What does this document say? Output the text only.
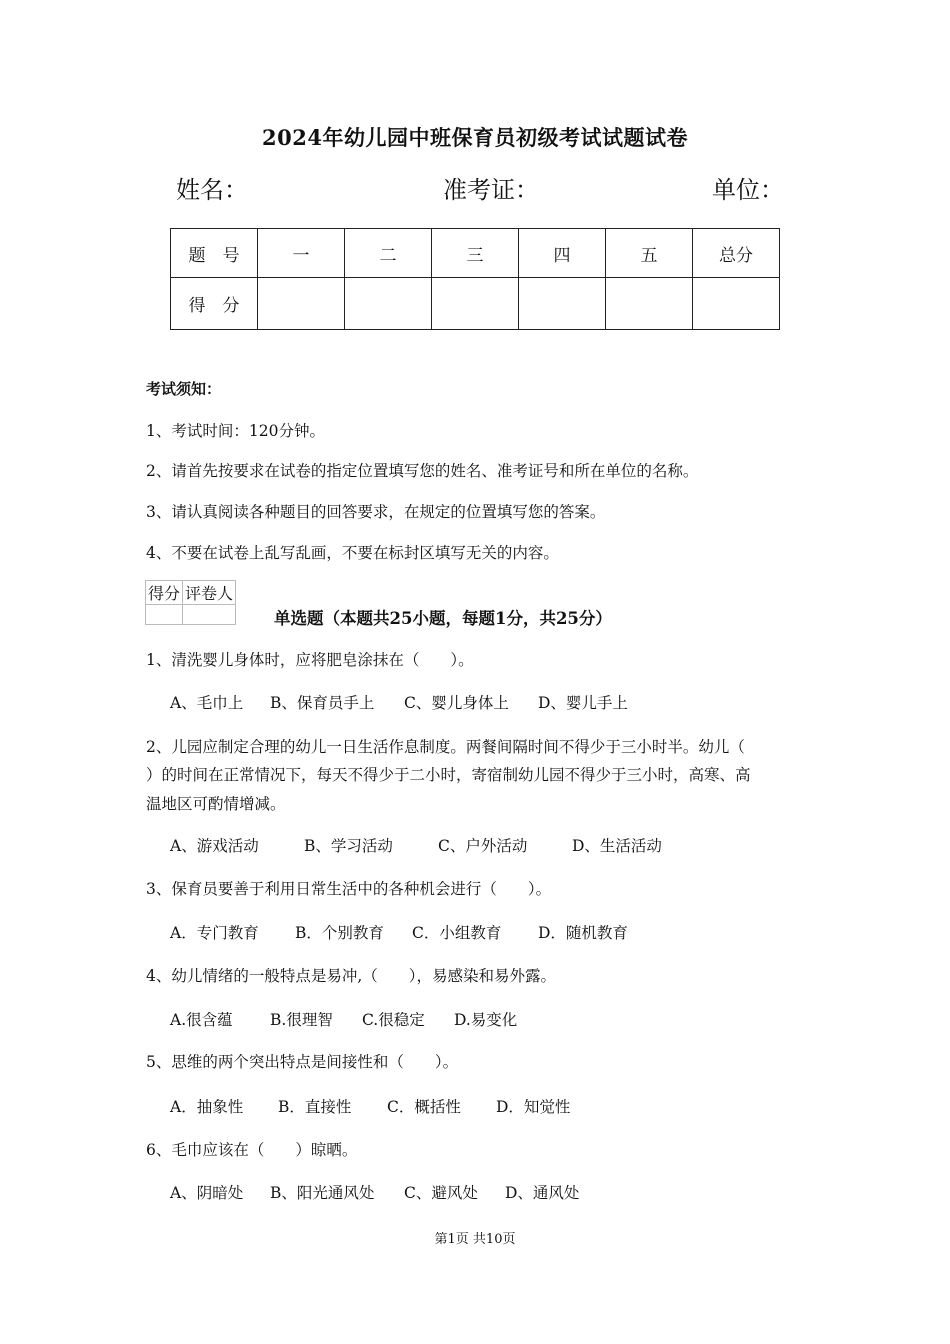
2024年幼儿园中班保育员初级考试试题试卷
姓名：	准考证：	单位：
题　号	一	二	三	四	五	总分
得　分						
考试须知：
1、考试时间：120分钟。
2、请首先按要求在试卷的指定位置填写您的姓名、准考证号和所在单位的名称。
3、请认真阅读各种题目的回答要求，在规定的位置填写您的答案。
4、不要在试卷上乱写乱画，不要在标封区填写无关的内容。
得分	评卷人

单选题（本题共25小题，每题1分，共25分）
1、清洗婴儿身体时，应将肥皂涂抹在（　　）。
A、毛巾上 B、保育员手上 C、婴儿身体上 D、婴儿手上
2、儿园应制定合理的幼儿一日生活作息制度。两餐间隔时间不得少于三小时半。幼儿（
）的时间在正常情况下，每天不得少于二小时，寄宿制幼儿园不得少于三小时，高寒、高
温地区可酌情增减。
A、游戏活动	B、学习活动	C、户外活动	D、生活活动
3、保育员要善于利用日常生活中的各种机会进行（　　）。
A．专门教育 B．个别教育 C．小组教育 D．随机教育
4、幼儿情绪的一般特点是易冲,（　　），易感染和易外露。
A.很含蕴 B.很理智 C.很稳定 D.易变化
5、思维的两个突出特点是间接性和（　　）。
A．抽象性 B．直接性 C．概括性 D．知觉性
6、毛巾应该在（　　）晾晒。
A、阴暗处 B、阳光通风处 C、避风处 D、通风处
第1页 共10页
